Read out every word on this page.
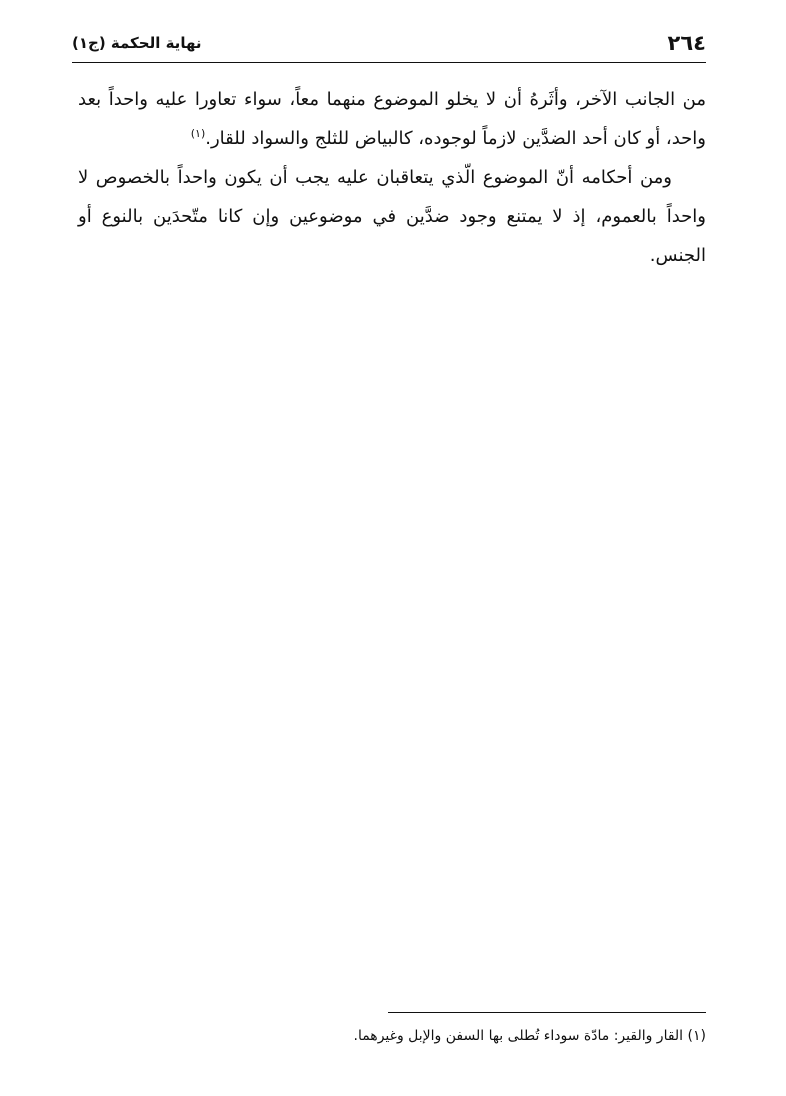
٢٦٤
نهاية الحكمة (ج١)

من الجانب الآخر، وأثَرهُ أن لا يخلو الموضوع منهما معاً، سواء تعاورا عليه واحداً بعد واحد، أو كان أحد الضدَّين لازماً لوجوده، كالبياض للثلج والسواد للقار.$^{(١)}$

ومن أحكامه أنّ الموضوع الّذي يتعاقبان عليه يجب أن يكون واحداً بالخصوص لا واحداً بالعموم، إذ لا يمتنع وجود ضدَّين في موضوعين وإن كانا متّحدَين بالنوع أو الجنس.

(١) القار والقير: مادّة سوداء تُطلى بها السفن والإبل وغيرهما.
